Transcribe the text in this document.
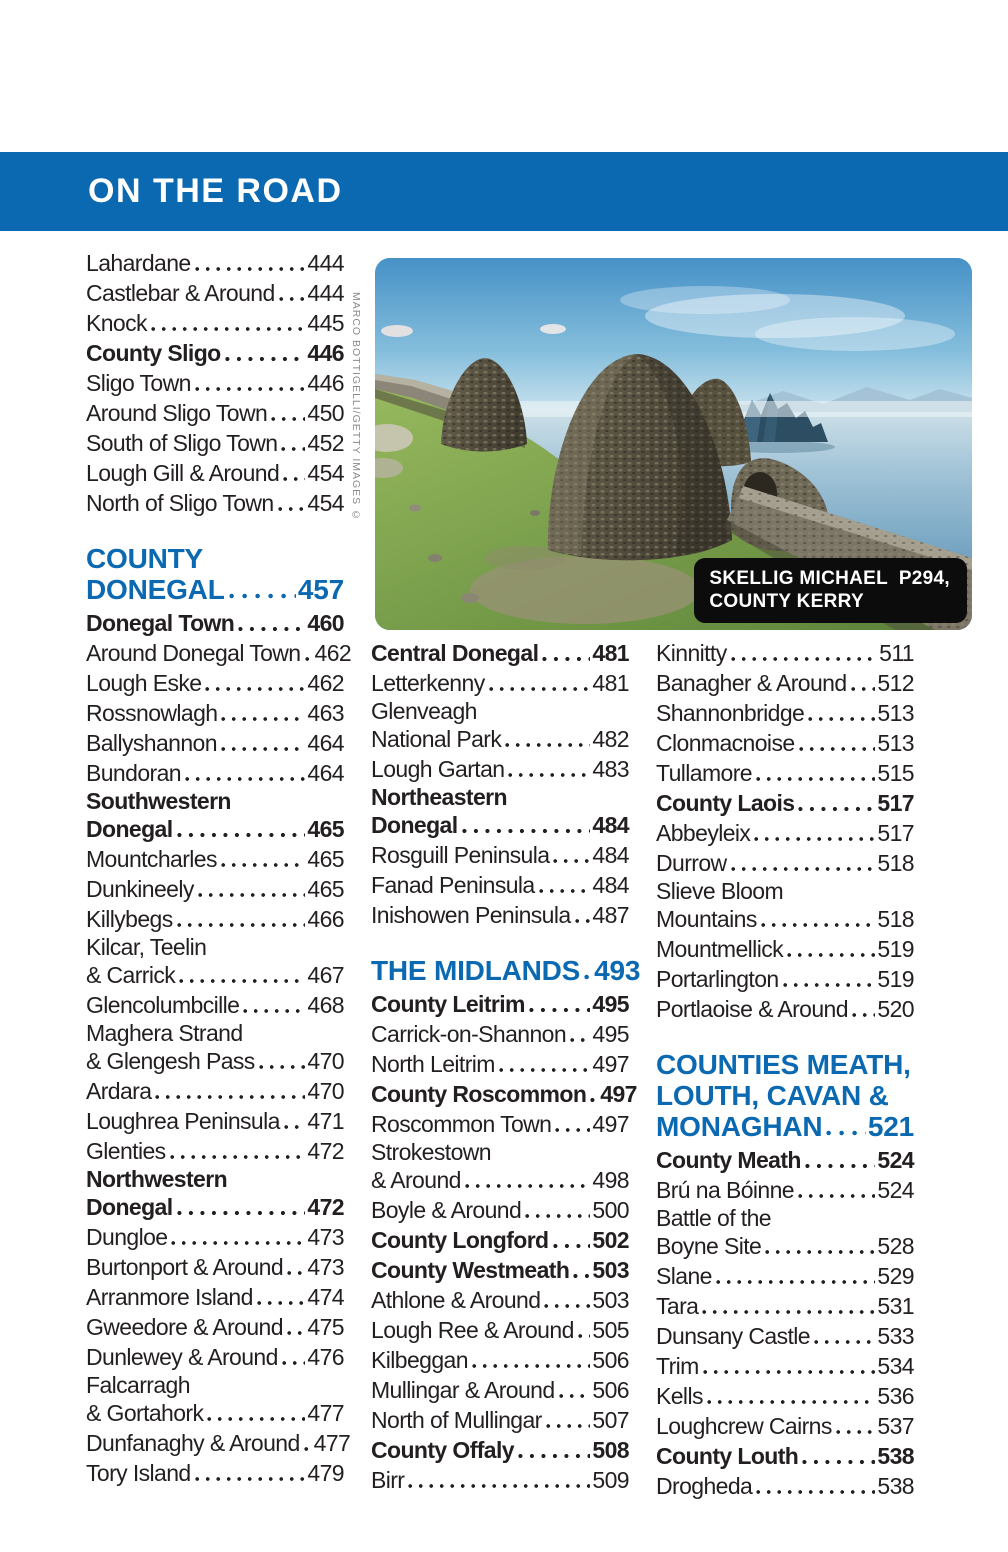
ON THE ROAD
MARCO BOTTIGELLI/GETTY IMAGES ©
SKELLIG MICHAEL  P294,
COUNTY KERRY
Lahardane	444
Castlebar & Around 444
Knock	445
County Sligo	446
Sligo Town	446
Around Sligo Town 450
South of Sligo Town 452
Lough Gill & Around 454
North of Sligo Town 454
COUNTY
DONEGAL	457
Donegal Town	460
Around Donegal Town 462
Lough Eske	462
Rossnowlagh	463
Ballyshannon	464
Bundoran	464
Southwestern
Donegal	465
Mountcharles	465
Dunkineely	465
Killybegs	466
Kilcar, Teelin
& Carrick	467
Glencolumbcille	468
Maghera Strand
& Glengesh Pass 470
Ardara	470
Loughrea Peninsula 471
Glenties	472
Northwestern
Donegal	472
Dungloe	473
Burtonport & Around 473
Arranmore Island 474
Gweedore & Around 475
Dunlewey & Around 476
Falcarragh
& Gortahork	477
Dunfanaghy & Around 477
Tory Island	479
Central Donegal 481
Letterkenny	481
Glenveagh
National Park	482
Lough Gartan	483
Northeastern
Donegal	484
Rosguill Peninsula 484
Fanad Peninsula	484
Inishowen Peninsula 487
THE MIDLANDS 493
County Leitrim	495
Carrick-on-Shannon 495
North Leitrim	497
County Roscommon 497
Roscommon Town 497
Strokestown
& Around	498
Boyle & Around	500
County Longford 502
County Westmeath 503
Athlone & Around 503
Lough Ree & Around 505
Kilbeggan	506
Mullingar & Around 506
North of Mullingar 507
County Offaly	508
Birr	509
Kinnitty	511
Banagher & Around 512
Shannonbridge	513
Clonmacnoise	513
Tullamore	515
County Laois	517
Abbeyleix	517
Durrow	518
Slieve Bloom
Mountains	518
Mountmellick	519
Portarlington	519
Portlaoise & Around 520
COUNTIES MEATH,
LOUTH, CAVAN &
MONAGHAN 521
County Meath	524
Brú na Bóinne	524
Battle of the
Boyne Site	528
Slane	529
Tara	531
Dunsany Castle	533
Trim	534
Kells	536
Loughcrew Cairns 537
County Louth	538
Drogheda	538
